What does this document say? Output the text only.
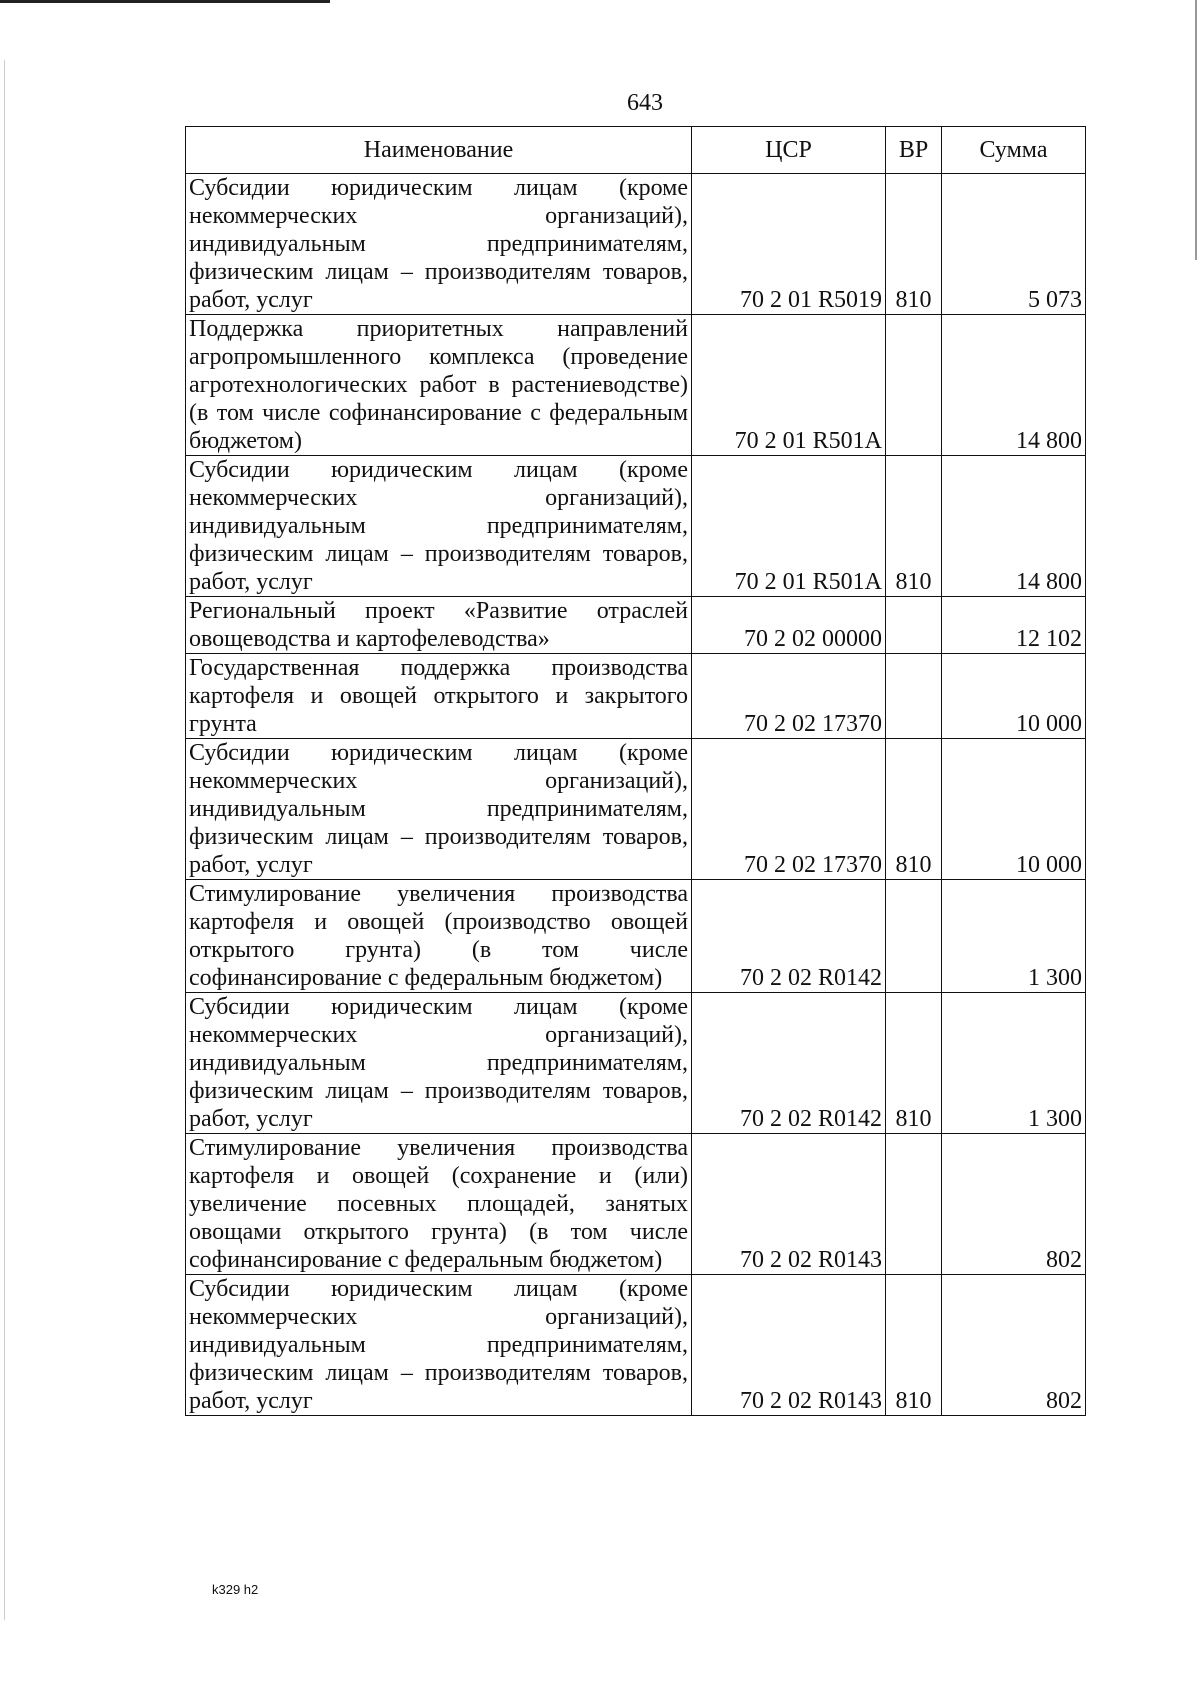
643
Наименование	ЦСР	ВР	Сумма
Субсидии юридическим лицам (кроме некоммерческих организаций), индивидуальным предпринимателям, физическим лицам – производителям товаров, работ, услуг	70 2 01 R5019	810	5 073
Поддержка приоритетных направлений агропромышленного комплекса (проведение агротехнологических работ в растениеводстве) (в том числе софинансирование с федеральным бюджетом)	70 2 01 R501A		14 800
Субсидии юридическим лицам (кроме некоммерческих организаций), индивидуальным предпринимателям, физическим лицам – производителям товаров, работ, услуг	70 2 01 R501A	810	14 800
Региональный проект «Развитие отраслей овощеводства и картофелеводства»	70 2 02 00000		12 102
Государственная поддержка производства картофеля и овощей открытого и закрытого грунта	70 2 02 17370		10 000
Субсидии юридическим лицам (кроме некоммерческих организаций), индивидуальным предпринимателям, физическим лицам – производителям товаров, работ, услуг	70 2 02 17370	810	10 000
Стимулирование увеличения производства картофеля и овощей (производство овощей открытого грунта) (в том числе софинансирование с федеральным бюджетом)	70 2 02 R0142		1 300
Субсидии юридическим лицам (кроме некоммерческих организаций), индивидуальным предпринимателям, физическим лицам – производителям товаров, работ, услуг	70 2 02 R0142	810	1 300
Стимулирование увеличения производства картофеля и овощей (сохранение и (или) увеличение посевных площадей, занятых овощами открытого грунта) (в том числе софинансирование с федеральным бюджетом)	70 2 02 R0143		802
Субсидии юридическим лицам (кроме некоммерческих организаций), индивидуальным предпринимателям, физическим лицам – производителям товаров, работ, услуг	70 2 02 R0143	810	802
k329 h2
